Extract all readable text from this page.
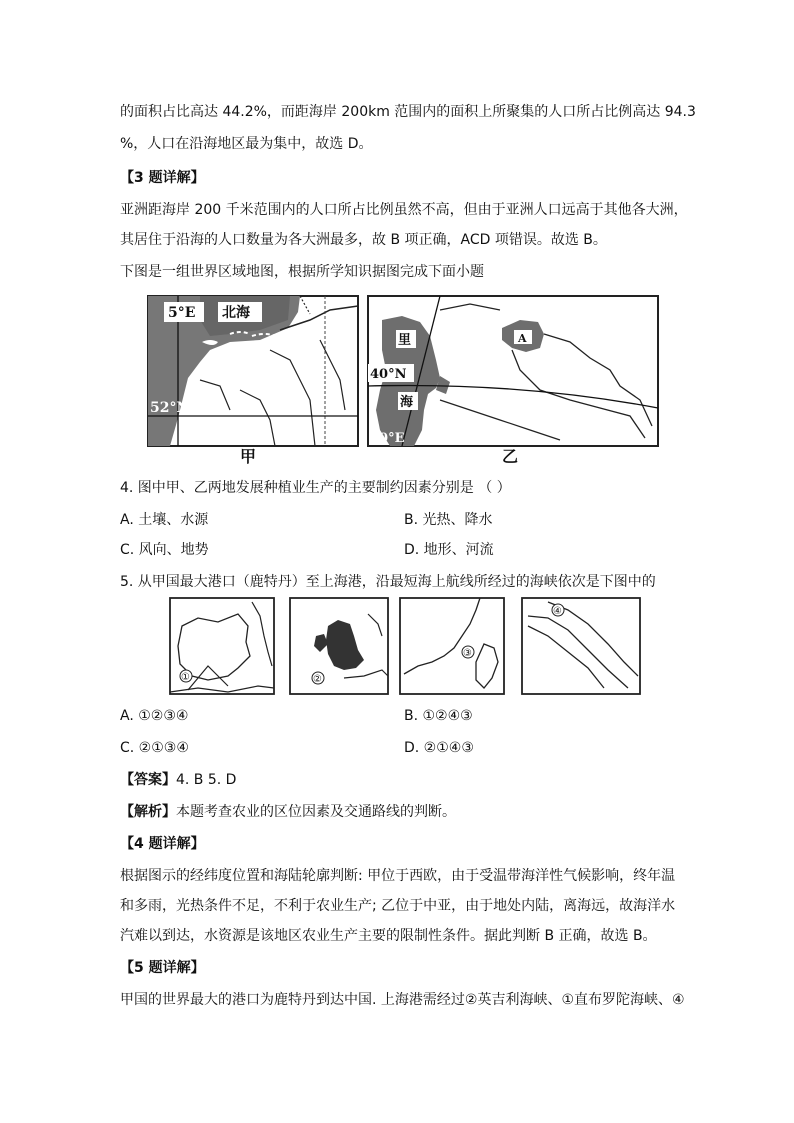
的面积占比高达 44.2%，而距海岸 200km 范围内的面积上所聚集的人口所占比例高达 94.3
%，人口在沿海地区最为集中，故选 D。
【3 题详解】
亚洲距海岸 200 千米范围内的人口所占比例虽然不高，但由于亚洲人口远高于其他各大洲，
其居住于沿海的人口数量为各大洲最多，故 B 项正确，ACD 项错误。故选 B。
下图是一组世界区域地图，根据所学知识据图完成下面小题
5°E 北海
52°N
甲
A
里
海
40°N
50°E
乙
4. 图中甲、乙两地发展种植业生产的主要制约因素分别是 （ ）
A. 土壤、水源	B. 光热、降水
C. 风向、地势	D. 地形、河流
5. 从甲国最大港口（鹿特丹）至上海港，沿最短海上航线所经过的海峡依次是下图中的
①	②
③
④
A. ①②③④	B. ①②④③
C. ②①③④	D. ②①④③
【答案】4. B 5. D
【解析】本题考查农业的区位因素及交通路线的判断。
【4 题详解】
根据图示的经纬度位置和海陆轮廓判断: 甲位于西欧，由于受温带海洋性气候影响，终年温
和多雨，光热条件不足，不利于农业生产; 乙位于中亚，由于地处内陆，离海远，故海洋水
汽难以到达，水资源是该地区农业生产主要的限制性条件。据此判断 B 正确，故选 B。
【5 题详解】
甲国的世界最大的港口为鹿特丹到达中国. 上海港需经过②英吉利海峡、①直布罗陀海峡、④
